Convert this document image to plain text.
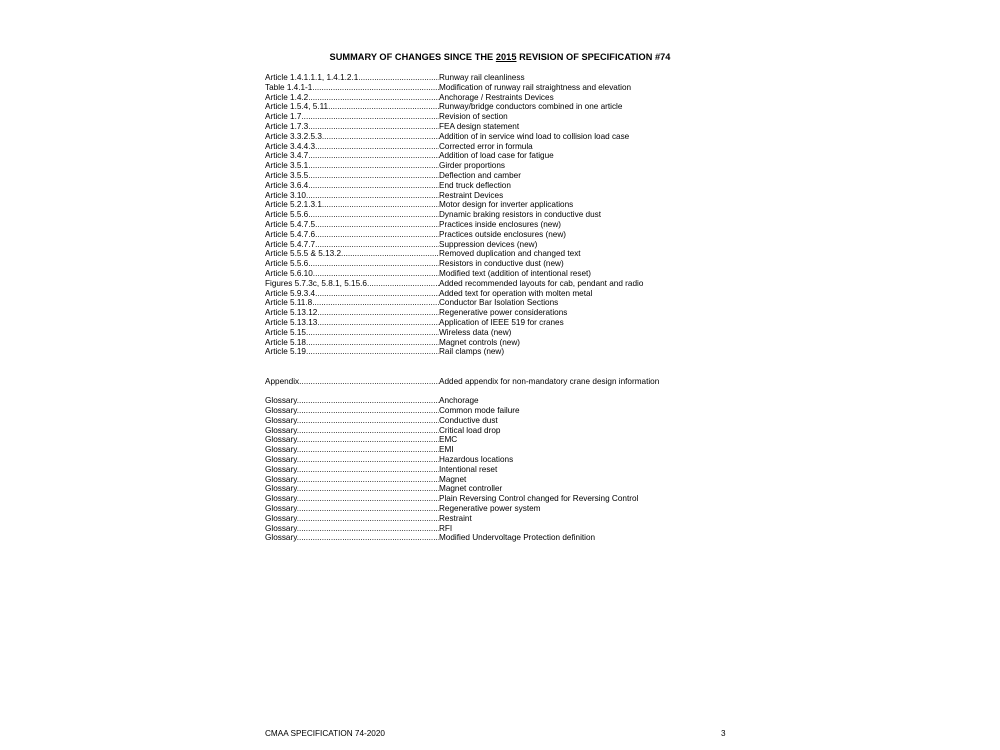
SUMMARY OF CHANGES SINCE THE 2015 REVISION OF SPECIFICATION #74
Article 1.4.1.1.1, 1.4.1.2.1 .....	Runway rail cleanliness
Table 1.4.1-1 .....	Modification of runway rail straightness and elevation
Article 1.4.2 .....	Anchorage / Restraints Devices
Article 1.5.4, 5.11 .....	Runway/bridge conductors combined in one article
Article 1.7 .....	Revision of section
Article 1.7.3 .....	FEA design statement
Article 3.3.2.5.3 .....	Addition of in service wind load to collision load case
Article 3.4.4.3 .....	Corrected error in formula
Article 3.4.7 .....	Addition of load case for fatigue
Article 3.5.1 .....	Girder proportions
Article 3.5.5 .....	Deflection and camber
Article 3.6.4 .....	End truck deflection
Article 3.10 .....	Restraint Devices
Article 5.2.1.3.1 .....	Motor design for inverter applications
Article 5.5.6 .....	Dynamic braking resistors in conductive dust
Article 5.4.7.5 .....	Practices inside enclosures (new)
Article 5.4.7.6 .....	Practices outside enclosures (new)
Article 5.4.7.7 .....	Suppression devices (new)
Article 5.5.5 & 5.13.2 .....	Removed duplication and changed text
Article 5.5.6 .....	Resistors in conductive dust (new)
Article 5.6.10 .....	Modified text (addition of intentional reset)
Figures 5.7.3c, 5.8.1, 5.15.6 .....	Added recommended layouts for cab, pendant and radio
Article 5.9.3.4 .....	Added text for operation with molten metal
Article 5.11.8 .....	Conductor Bar Isolation Sections
Article 5.13.12 .....	Regenerative power considerations
Article 5.13.13 .....	Application of IEEE 519 for cranes
Article 5.15 .....	Wireless data (new)
Article 5.18 .....	Magnet controls (new)
Article 5.19 .....	Rail clamps (new)
Appendix .....	Added appendix for non-mandatory crane design information
Glossary .....	Anchorage
Glossary .....	Common mode failure
Glossary .....	Conductive dust
Glossary .....	Critical load drop
Glossary .....	EMC
Glossary .....	EMI
Glossary .....	Hazardous locations
Glossary .....	Intentional reset
Glossary .....	Magnet
Glossary .....	Magnet controller
Glossary .....	Plain Reversing Control changed for Reversing Control
Glossary .....	Regenerative power system
Glossary .....	Restraint
Glossary .....	RFI
Glossary .....	Modified Undervoltage Protection definition
CMAA SPECIFICATION 74-2020	3
